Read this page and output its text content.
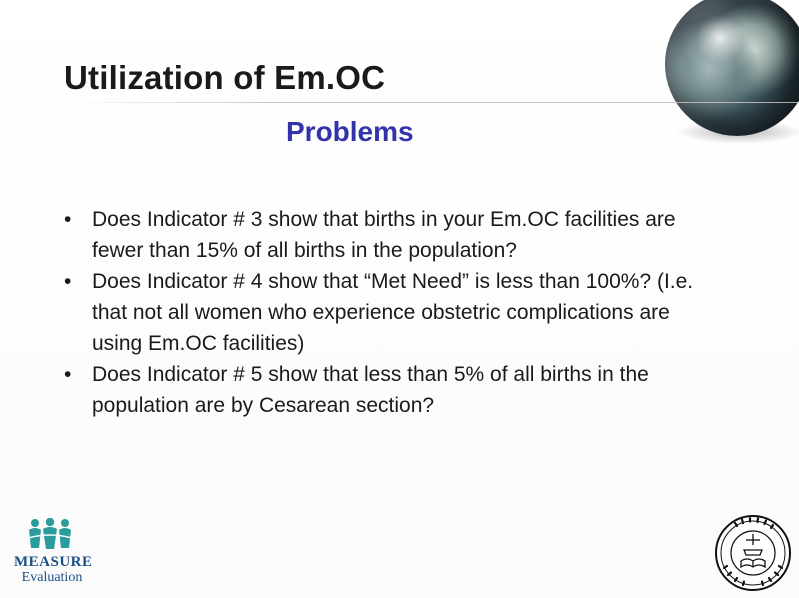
Utilization of Em.OC
Problems
• Does Indicator # 3 show that births in your Em.OC facilities are fewer than 15% of all births in the population?
• Does Indicator # 4 show that “Met Need” is less than 100%? (I.e. that not all women who experience obstetric complications are using Em.OC facilities)
• Does Indicator # 5 show that less than 5% of all births in the population are by Cesarean section?
MEASURE
Evaluation
